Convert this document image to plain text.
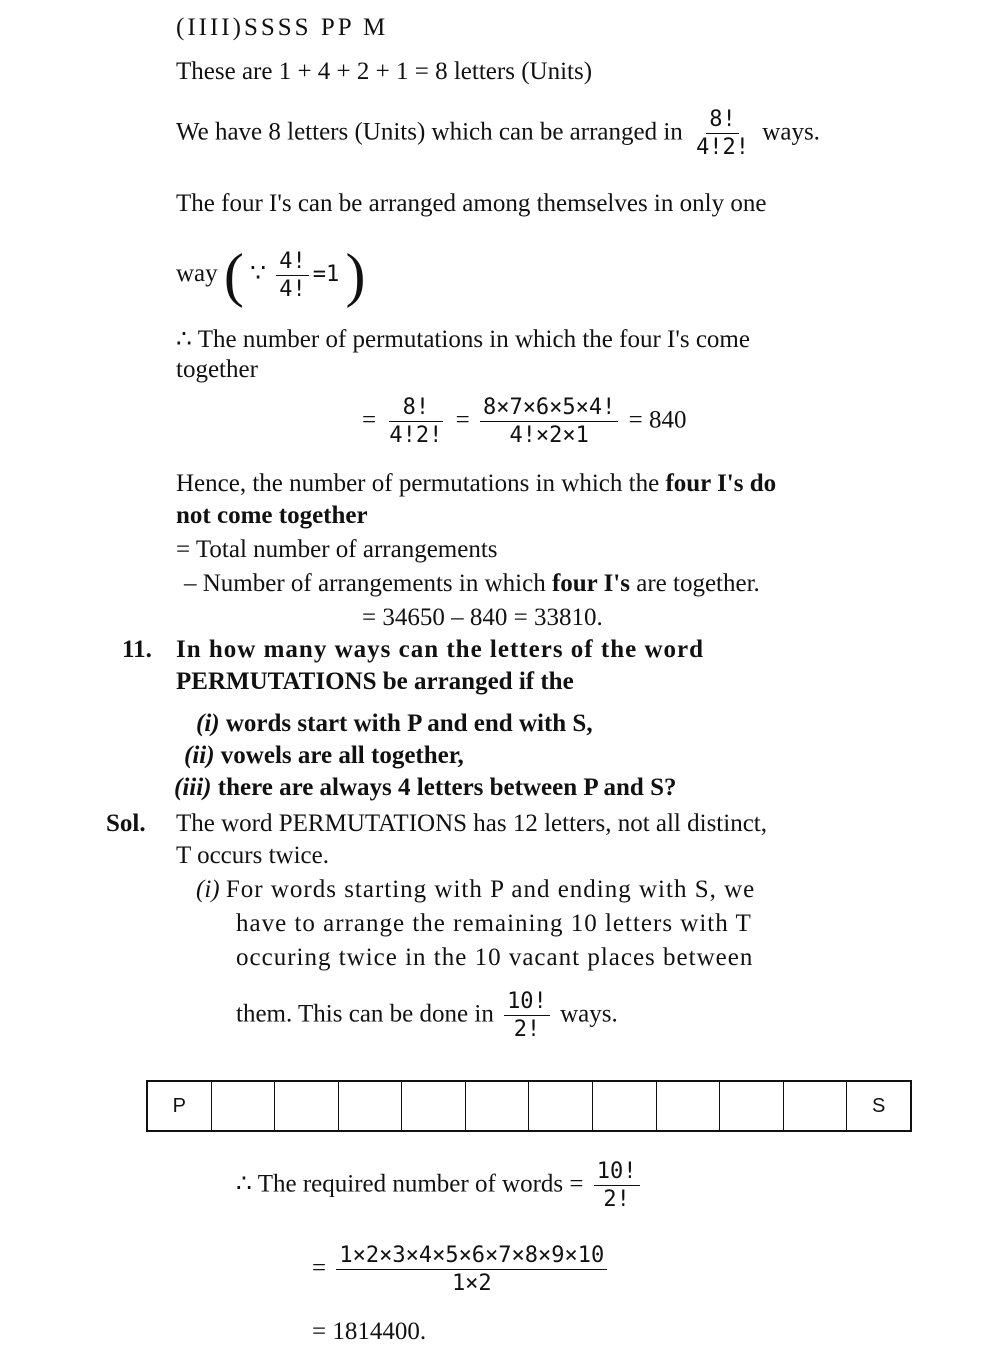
(IIII)SSSS PP M
These are 1 + 4 + 2 + 1 = 8 letters (Units)
We have 8 letters (Units) which can be arranged in $\frac{8!}{4!2!}$ ways.
The four I's can be arranged among themselves in only one
way ( ∵ $\frac{4!}{4!} =1$ )
∴ The number of permutations in which the four I's come
together
= $\frac{8!}{4!2!} = \frac{8\times 7\times 6\times 5\times 4!}{4!\times 2\times 1} = 840$
Hence, the number of permutations in which the four I's do
not come together
= Total number of arrangements
– Number of arrangements in which four I's are together.
= 34650 – 840 = 33810.
11. In how many ways can the letters of the word
PERMUTATIONS be arranged if the
(i) words start with P and end with S,
(ii) vowels are all together,
(iii) there are always 4 letters between P and S?
Sol. The word PERMUTATIONS has 12 letters, not all distinct,
T occurs twice.
(i) For words starting with P and ending with S, we
have to arrange the remaining 10 letters with T
occuring twice in the 10 vacant places between
them. This can be done in $\frac{10!}{2!}$ ways.
P	S
∴ The required number of words = $\frac{10!}{2!}$
= $\frac{1\times 2\times 3\times 4\times 5\times 6\times 7\times 8\times 9\times 10}{1\times 2}$
= 1814400.
